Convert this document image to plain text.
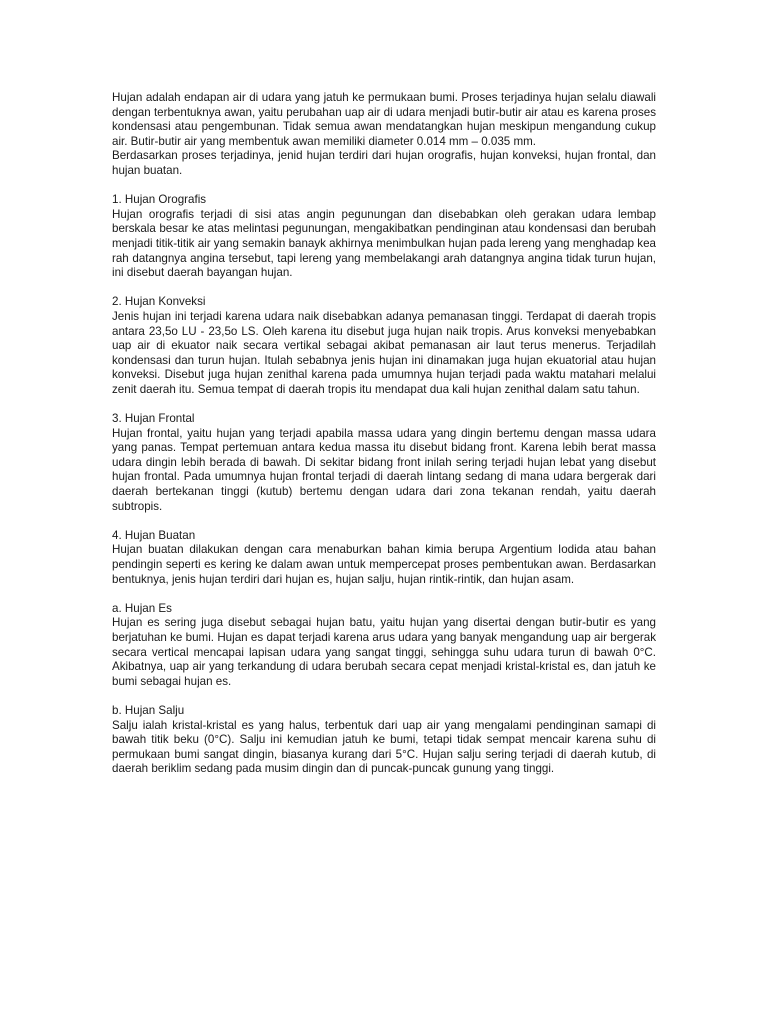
Hujan adalah endapan air di udara yang jatuh ke permukaan bumi. Proses terjadinya hujan selalu diawali dengan terbentuknya awan, yaitu perubahan uap air di udara menjadi butir-butir air atau es karena proses kondensasi atau pengembunan. Tidak semua awan mendatangkan hujan meskipun mengandung cukup air. Butir-butir air yang membentuk awan memiliki diameter 0.014 mm – 0.035 mm.

Berdasarkan proses terjadinya, jenid hujan terdiri dari hujan orografis, hujan konveksi, hujan frontal, dan hujan buatan.

1. Hujan Orografis

Hujan orografis terjadi di sisi atas angin pegunungan dan disebabkan oleh gerakan udara lembap berskala besar ke atas melintasi pegunungan, mengakibatkan pendinginan atau kondensasi dan berubah menjadi titik-titik air yang semakin banayk akhirnya menimbulkan hujan pada lereng yang menghadap kea rah datangnya angina tersebut, tapi lereng yang membelakangi arah datangnya angina tidak turun hujan, ini disebut daerah bayangan hujan.

2. Hujan Konveksi

Jenis hujan ini terjadi karena udara naik disebabkan adanya pemanasan tinggi. Terdapat di daerah tropis antara 23,5o LU - 23,5o LS. Oleh karena itu disebut juga hujan naik tropis. Arus konveksi menyebabkan uap air di ekuator naik secara vertikal sebagai akibat pemanasan air laut terus menerus. Terjadilah kondensasi dan turun hujan. Itulah sebabnya jenis hujan ini dinamakan juga hujan ekuatorial atau hujan konveksi. Disebut juga hujan zenithal karena pada umumnya hujan terjadi pada waktu matahari melalui zenit daerah itu. Semua tempat di daerah tropis itu mendapat dua kali hujan zenithal dalam satu tahun.

3. Hujan Frontal

Hujan frontal, yaitu hujan yang terjadi apabila massa udara yang dingin bertemu dengan massa udara yang panas. Tempat pertemuan antara kedua massa itu disebut bidang front. Karena lebih berat massa udara dingin lebih berada di bawah. Di sekitar bidang front inilah sering terjadi hujan lebat yang disebut hujan frontal. Pada umumnya hujan frontal terjadi di daerah lintang sedang di mana udara bergerak dari daerah bertekanan tinggi (kutub) bertemu dengan udara dari zona tekanan rendah, yaitu daerah subtropis.

4. Hujan Buatan

Hujan buatan dilakukan dengan cara menaburkan bahan kimia berupa Argentium Iodida atau bahan pendingin seperti es kering ke dalam awan untuk mempercepat proses pembentukan awan. Berdasarkan bentuknya, jenis hujan terdiri dari hujan es, hujan salju, hujan rintik-rintik, dan hujan asam.

a. Hujan Es

Hujan es sering juga disebut sebagai hujan batu, yaitu hujan yang disertai dengan butir-butir es yang berjatuhan ke bumi. Hujan es dapat terjadi karena arus udara yang banyak mengandung uap air bergerak secara vertical mencapai lapisan udara yang sangat tinggi, sehingga suhu udara turun di bawah 0°C. Akibatnya, uap air yang terkandung di udara berubah secara cepat menjadi kristal-kristal es, dan jatuh ke bumi sebagai hujan es.

b. Hujan Salju

Salju ialah kristal-kristal es yang halus, terbentuk dari uap air yang mengalami pendinginan samapi di bawah titik beku (0°C). Salju ini kemudian jatuh ke bumi, tetapi tidak sempat mencair karena suhu di permukaan bumi sangat dingin, biasanya kurang dari 5°C. Hujan salju sering terjadi di daerah kutub, di daerah beriklim sedang pada musim dingin dan di puncak-puncak gunung yang tinggi.
